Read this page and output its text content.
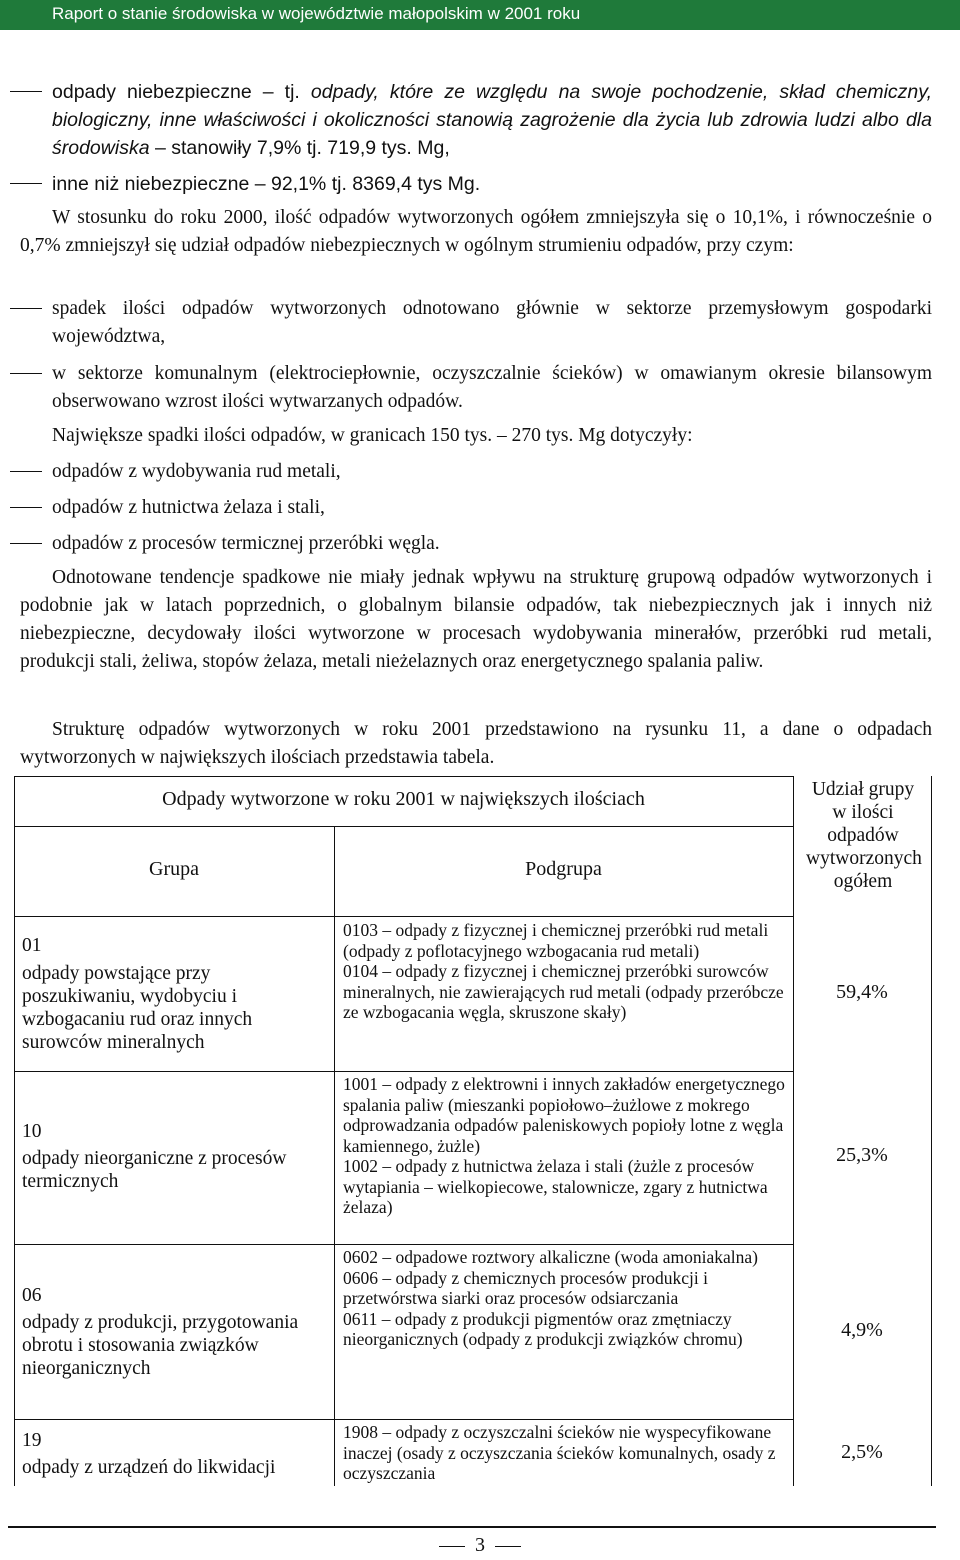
Raport o stanie środowiska w województwie małopolskim w 2001 roku
odpady niebezpieczne – tj. odpady, które ze względu na swoje pochodzenie, skład chemiczny, biologiczny, inne właściwości i okoliczności stanowią zagrożenie dla życia lub zdrowia ludzi albo dla środowiska – stanowiły 7,9% tj. 719,9 tys. Mg,
inne niż niebezpieczne – 92,1% tj. 8369,4 tys Mg.
W stosunku do roku 2000, ilość odpadów wytworzonych ogółem zmniejszyła się o 10,1%, i równocześnie o 0,7% zmniejszył się udział odpadów niebezpiecznych w ogólnym strumieniu odpadów, przy czym:
spadek ilości odpadów wytworzonych odnotowano głównie w sektorze przemysłowym gospodarki województwa,
w sektorze komunalnym (elektrociepłownie, oczyszczalnie ścieków) w omawianym okresie bilansowym obserwowano wzrost ilości wytwarzanych odpadów.
Największe spadki ilości odpadów, w granicach 150 tys. – 270 tys. Mg dotyczyły:
odpadów z wydobywania rud metali,
odpadów z hutnictwa żelaza i stali,
odpadów z procesów termicznej przeróbki węgla.
Odnotowane tendencje spadkowe nie miały jednak wpływu na strukturę grupową odpadów wytworzonych i podobnie jak w latach poprzednich, o globalnym bilansie odpadów, tak niebezpiecznych jak i innych niż niebezpieczne, decydowały ilości wytworzone w procesach wydobywania minerałów, przeróbki rud metali, produkcji stali, żeliwa, stopów żelaza, metali nieżelaznych oraz energetycznego spalania paliw.
Strukturę odpadów wytworzonych w roku 2001 przedstawiono na rysunku 11, a dane o odpadach wytworzonych w największych ilościach przedstawia tabela.
Odpady wytworzone w roku 2001 w największych ilościach
Grupa	Podgrupa
Udział grupy w ilości odpadów wytworzonych ogółem
01
odpady powstające przy poszukiwaniu, wydobyciu i wzbogacaniu rud oraz innych surowców mineralnych
0103 – odpady z fizycznej i chemicznej przeróbki rud metali (odpady z poflotacyjnego wzbogacania rud metali)
0104 – odpady z fizycznej i chemicznej przeróbki surowców mineralnych, nie zawierających rud metali (odpady przeróbcze ze wzbogacania węgla, skruszone skały)
59,4%
10
odpady nieorganiczne z procesów termicznych
1001 – odpady z elektrowni i innych zakładów energetycznego spalania paliw (mieszanki popiołowo–żużlowe z mokrego odprowadzania odpadów paleniskowych popioły lotne z węgla kamiennego, żużle)
1002 – odpady z hutnictwa żelaza i stali (żużle z procesów wytapiania – wielkopiecowe, stalownicze, zgary z hutnictwa żelaza)
25,3%
06
odpady z produkcji, przygotowania obrotu i stosowania związków nieorganicznych
0602 – odpadowe roztwory alkaliczne (woda amoniakalna)
0606 – odpady z chemicznych procesów produkcji i przetwórstwa siarki oraz procesów odsiarczania
0611 – odpady z produkcji pigmentów oraz zmętniaczy nieorganicznych (odpady z produkcji związków chromu)	4,9%
19
odpady z urządzeń do likwidacji
1908 – odpady z oczyszczalni ścieków nie wyspecyfikowane inaczej (osady z oczyszczania ścieków komunalnych, osady z oczyszczania
2,5%
3
